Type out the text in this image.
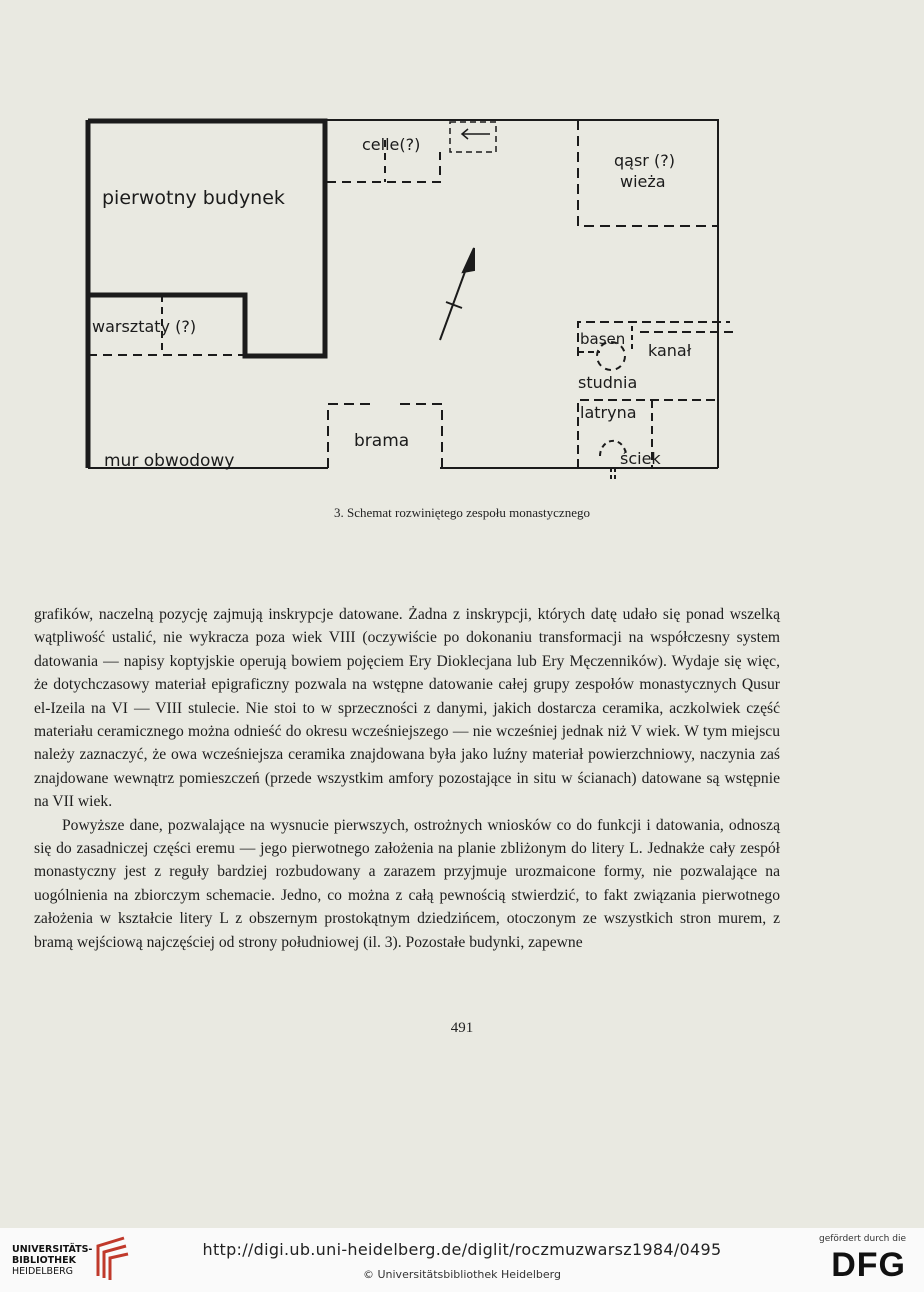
pierwotny budynek
celle(?)
qąsr (?)
wieża
warsztaty (?)
basen
kanał
studnia
latryna
brama
ściek
mur obwodowy
3. Schemat rozwiniętego zespołu monastycznego

grafików, naczelną pozycję zajmują inskrypcje datowane. Żadna z inskrypcji, których datę udało się ponad wszelką wątpliwość ustalić, nie wykracza poza wiek VIII (oczywiście po dokonaniu transformacji na współczesny system datowania — napisy koptyjskie operują bowiem pojęciem Ery Dioklecjana lub Ery Męczenników). Wydaje się więc, że dotychczasowy materiał epigraficzny pozwala na wstępne datowanie całej grupy zespołów monastycznych Qusur el-Izeila na VI — VIII stulecie. Nie stoi to w sprzeczności z danymi, jakich dostarcza ceramika, aczkolwiek część materiału ceramicznego można odnieść do okresu wcześniejszego — nie wcześniej jednak niż V wiek. W tym miejscu należy zaznaczyć, że owa wcześniejsza ceramika znajdowana była jako luźny materiał powierzchniowy, naczynia zaś znajdowane wewnątrz pomieszczeń (przede wszystkim amfory pozostające in situ w ścianach) datowane są wstępnie na VII wiek.

Powyższe dane, pozwalające na wysnucie pierwszych, ostrożnych wniosków co do funkcji i datowania, odnoszą się do zasadniczej części eremu — jego pierwotnego założenia na planie zbliżonym do litery L. Jednakże cały zespół monastyczny jest z reguły bardziej rozbudowany a zarazem przyjmuje urozmaicone formy, nie pozwalające na uogólnienia na zbiorczym schemacie. Jedno, co można z całą pewnością stwierdzić, to fakt związania pierwotnego założenia w kształcie litery L z obszernym prostokątnym dziedzińcem, otoczonym ze wszystkich stron murem, z bramą wejściową najczęściej od strony południowej (il. 3). Pozostałe budynki, zapewne

491
UNIVERSITÄTS-
BIBLIOTHEK
HEIDELBERG
http://digi.ub.uni-heidelberg.de/diglit/roczmuzwarsz1984/0495
© Universitätsbibliothek Heidelberg
gefördert durch die
DFG
